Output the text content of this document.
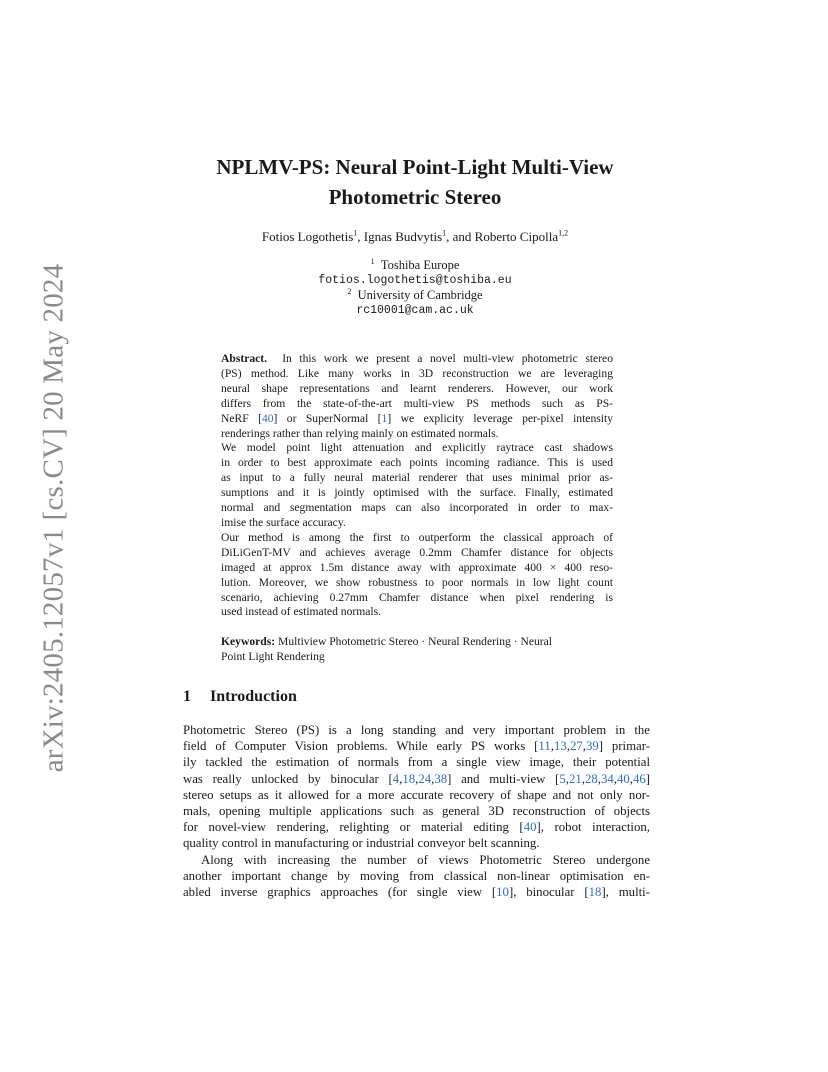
arXiv:2405.12057v1 [cs.CV] 20 May 2024
NPLMV-PS: Neural Point-Light Multi-View
Photometric Stereo
Fotios Logothetis$^1$, Ignas Budvytis$^1$, and Roberto Cipolla$^{1,2}$
$^1$ Toshiba Europe
fotios.logothetis@toshiba.eu
$^2$ University of Cambridge
rc10001@cam.ac.uk

Abstract. In this work we present a novel multi-view photometric stereo
(PS) method. Like many works in 3D reconstruction we are leveraging
neural shape representations and learnt renderers. However, our work
differs from the state-of-the-art multi-view PS methods such as PS-
NeRF [40] or SuperNormal [1] we explicity leverage per-pixel intensity
renderings rather than relying mainly on estimated normals.

We model point light attenuation and explicitly raytrace cast shadows
in order to best approximate each points incoming radiance. This is used
as input to a fully neural material renderer that uses minimal prior as-
sumptions and it is jointly optimised with the surface. Finally, estimated
normal and segmentation maps can also incorporated in order to max-
imise the surface accuracy.

Our method is among the first to outperform the classical approach of
DiLiGenT-MV and achieves average 0.2mm Chamfer distance for objects
imaged at approx 1.5m distance away with approximate 400 × 400 reso-
lution. Moreover, we show robustness to poor normals in low light count
scenario, achieving 0.27mm Chamfer distance when pixel rendering is
used instead of estimated normals.

Keywords: Multiview Photometric Stereo · Neural Rendering · Neural
Point Light Rendering
1 Introduction

Photometric Stereo (PS) is a long standing and very important problem in the
field of Computer Vision problems. While early PS works [11,13,27,39] primar-
ily tackled the estimation of normals from a single view image, their potential
was really unlocked by binocular [4,18,24,38] and multi-view [5,21,28,34,40,46]
stereo setups as it allowed for a more accurate recovery of shape and not only nor-
mals, opening multiple applications such as general 3D reconstruction of objects
for novel-view rendering, relighting or material editing [40], robot interaction,
quality control in manufacturing or industrial conveyor belt scanning.

Along with increasing the number of views Photometric Stereo undergone

another important change by moving from classical non-linear optimisation en-
abled inverse graphics approaches (for single view [10], binocular [18], multi-
